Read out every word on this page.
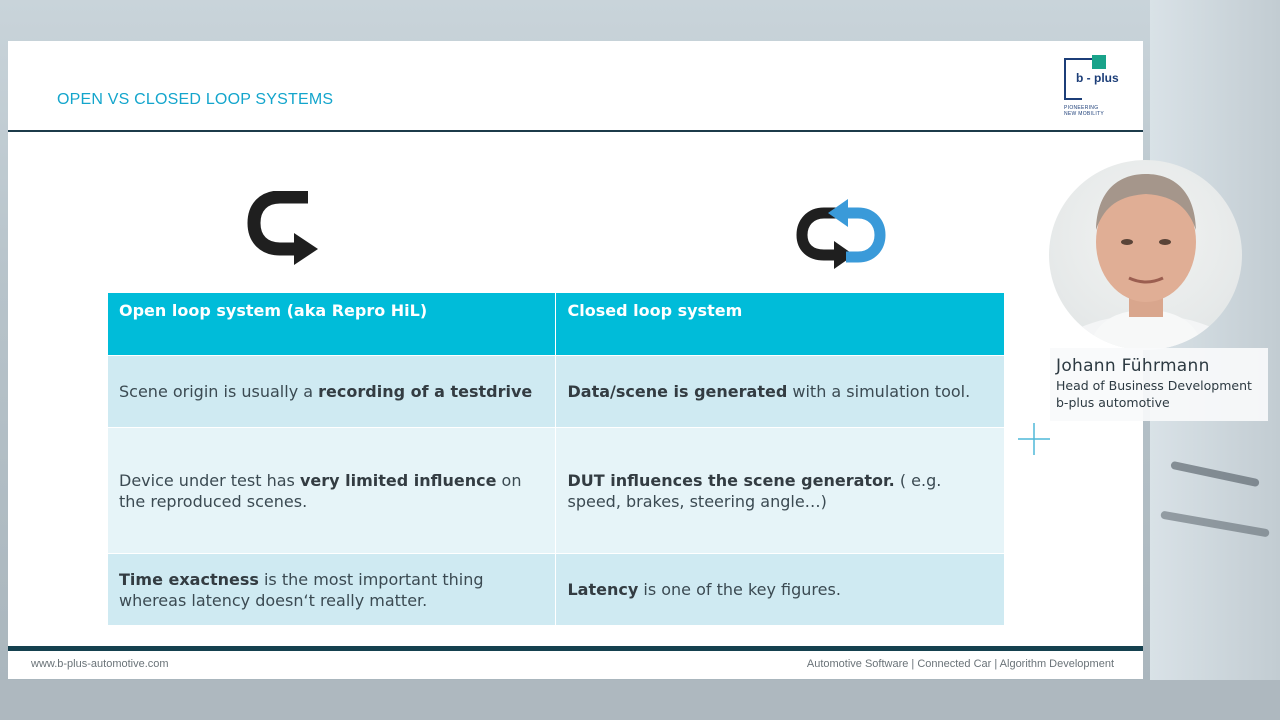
OPEN VS CLOSED LOOP SYSTEMS
b - plus
PIONEERING
NEW MOBILITY
Open loop system (aka Repro HiL)	Closed loop system
Scene origin is usually a recording of a testdrive	Data/scene is generated with a simulation tool.
Device under test has very limited influence on the reproduced scenes.	DUT influences the scene generator. ( e.g. speed, brakes, steering angle…)
Time exactness is the most important thing whereas latency doesn‘t really matter.	Latency is one of the key figures.
www.b-plus-automotive.com	Automotive Software | Connected Car | Algorithm Development
Johann Führmann
Head of Business Development
b-plus automotive
